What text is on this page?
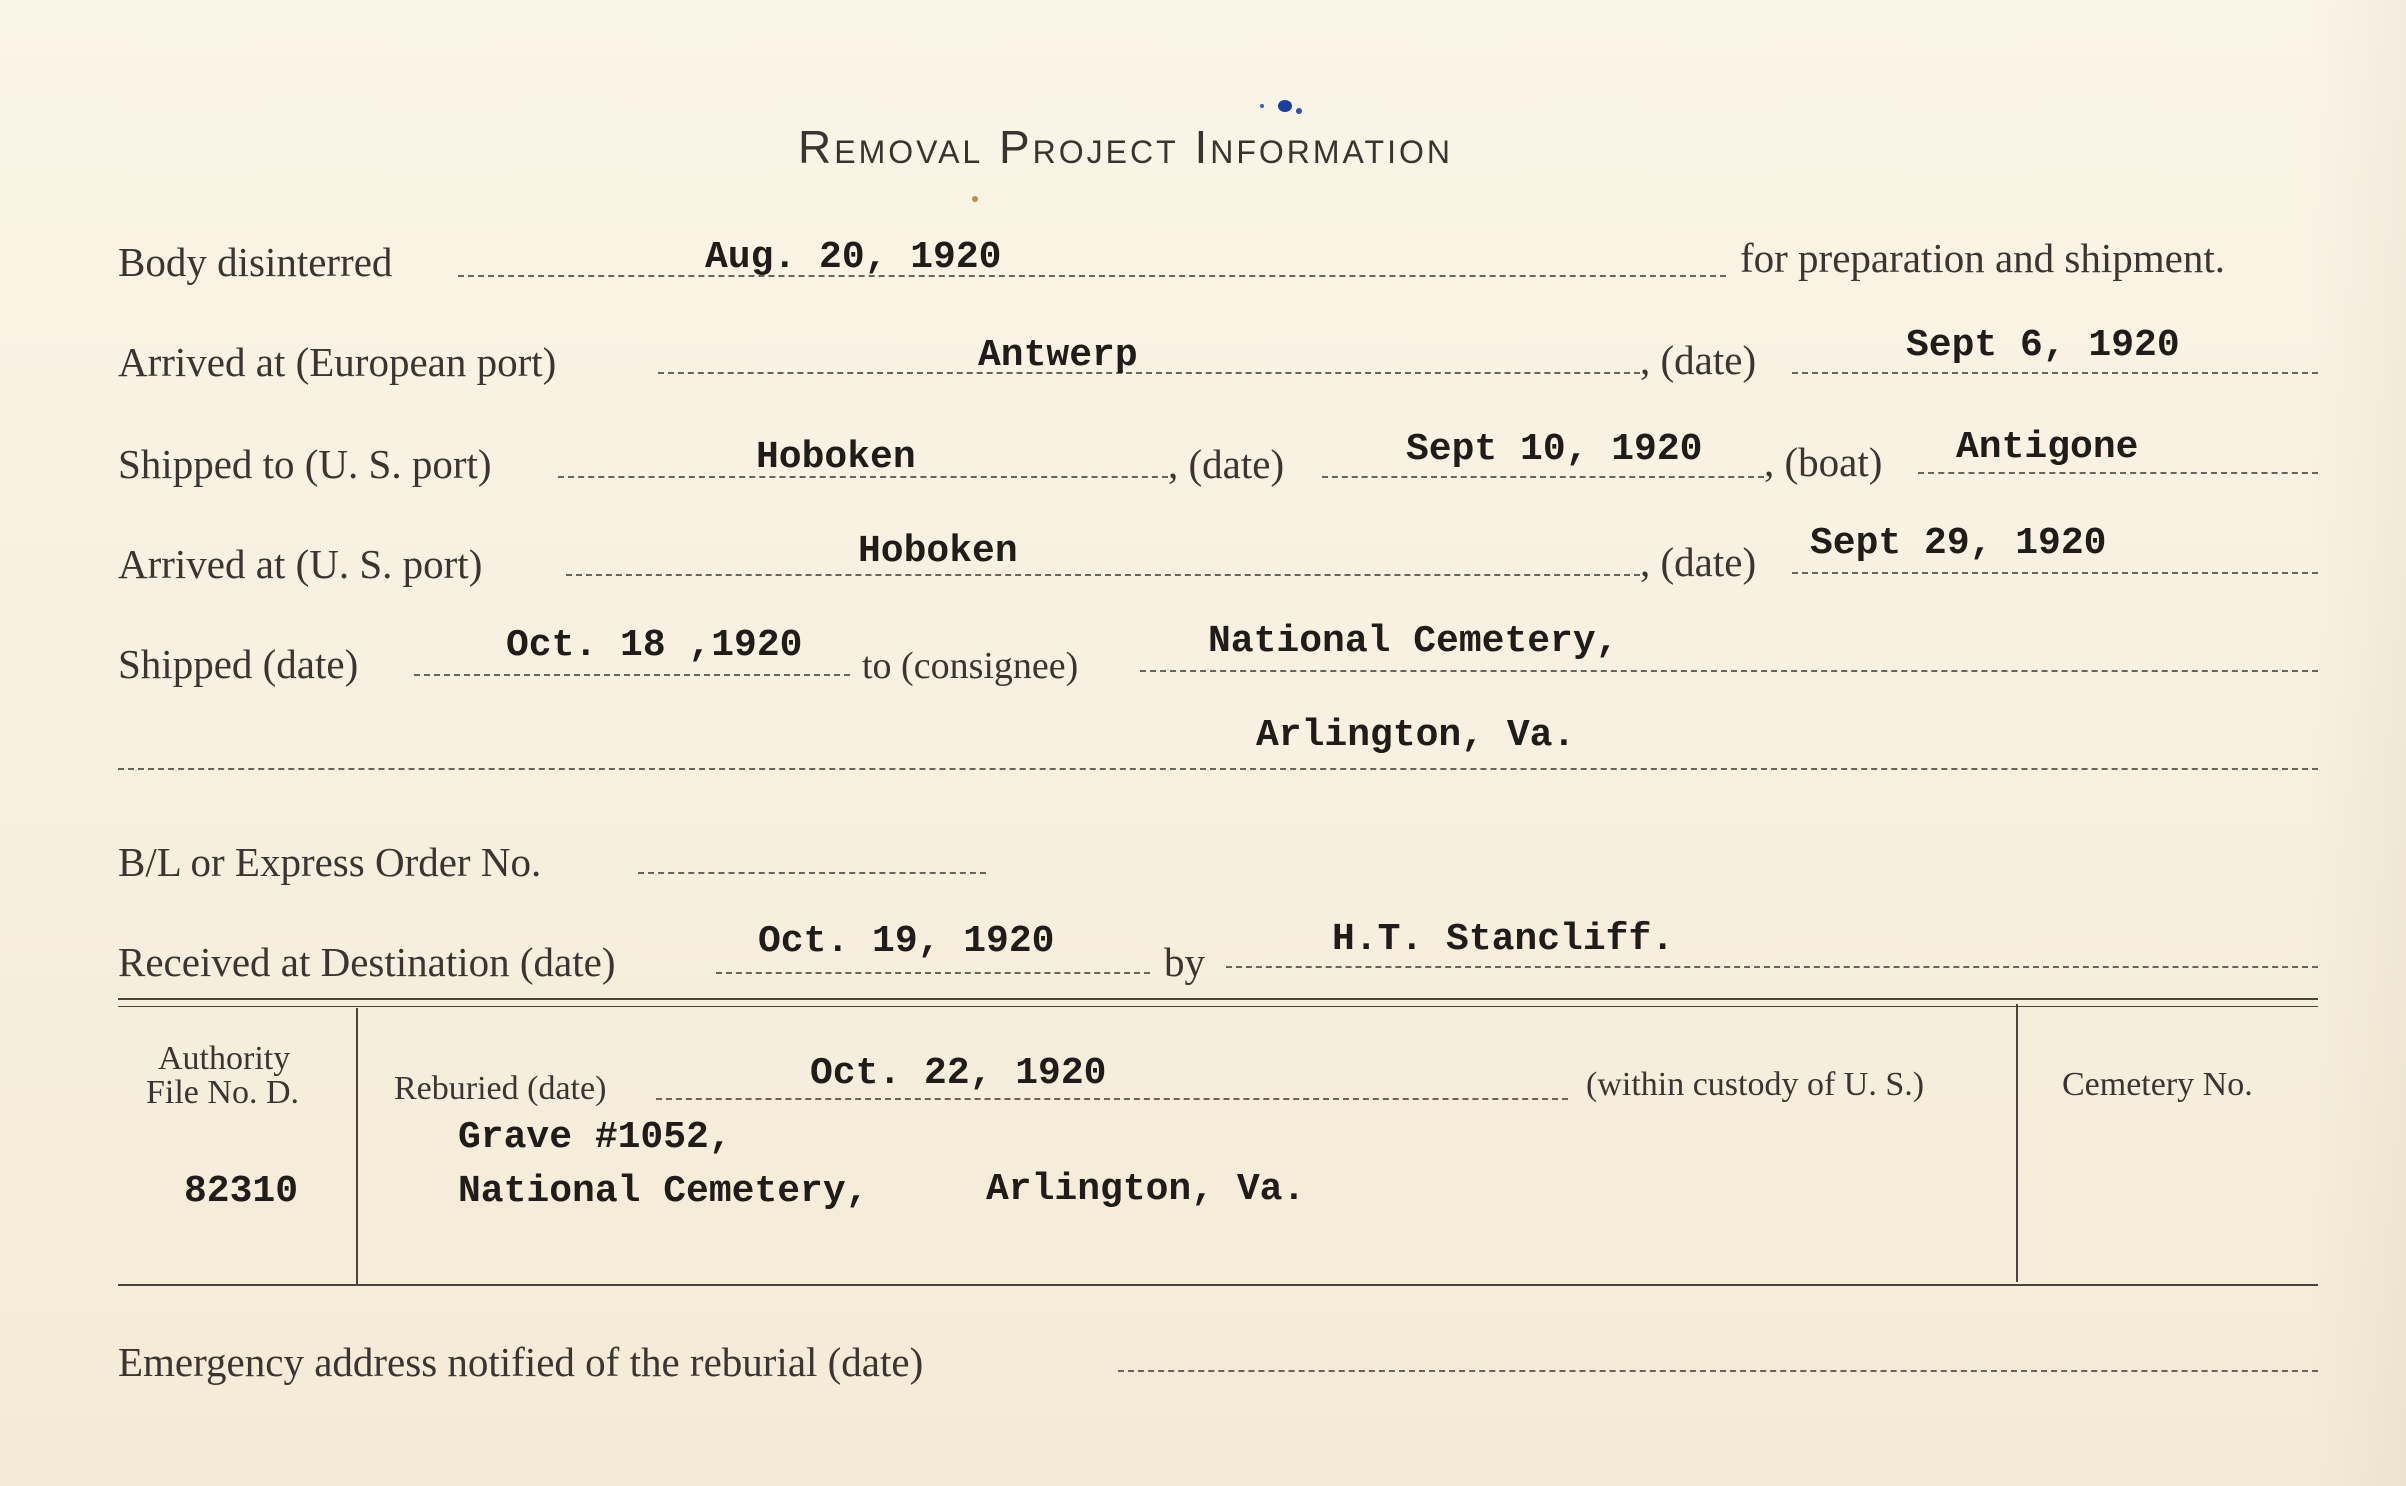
Removal Project Information
Body disinterred	Aug. 20, 1920	for preparation and shipment.
Arrived at (European port)	Antwerp	, (date)	Sept 6, 1920
Shipped to (U. S. port)	Hoboken	, (date)	Sept 10, 1920 , (boat) Antigone
Arrived at (U. S. port)	Hoboken	, (date) Sept 29, 1920
Shipped (date)	Oct. 18 ,1920 to (consignee)
National Cemetery,
Arlington, Va.
B/L or Express Order No.
Received at Destination (date)	Oct. 19, 1920	by	H.T. Stancliff.
Authority
File No. D.
82310
Reburied (date)	Oct. 22, 1920	(within custody of U. S.)
Grave #1052,
National Cemetery,	Arlington, Va.
Cemetery No.
Emergency address notified of the reburial (date)
